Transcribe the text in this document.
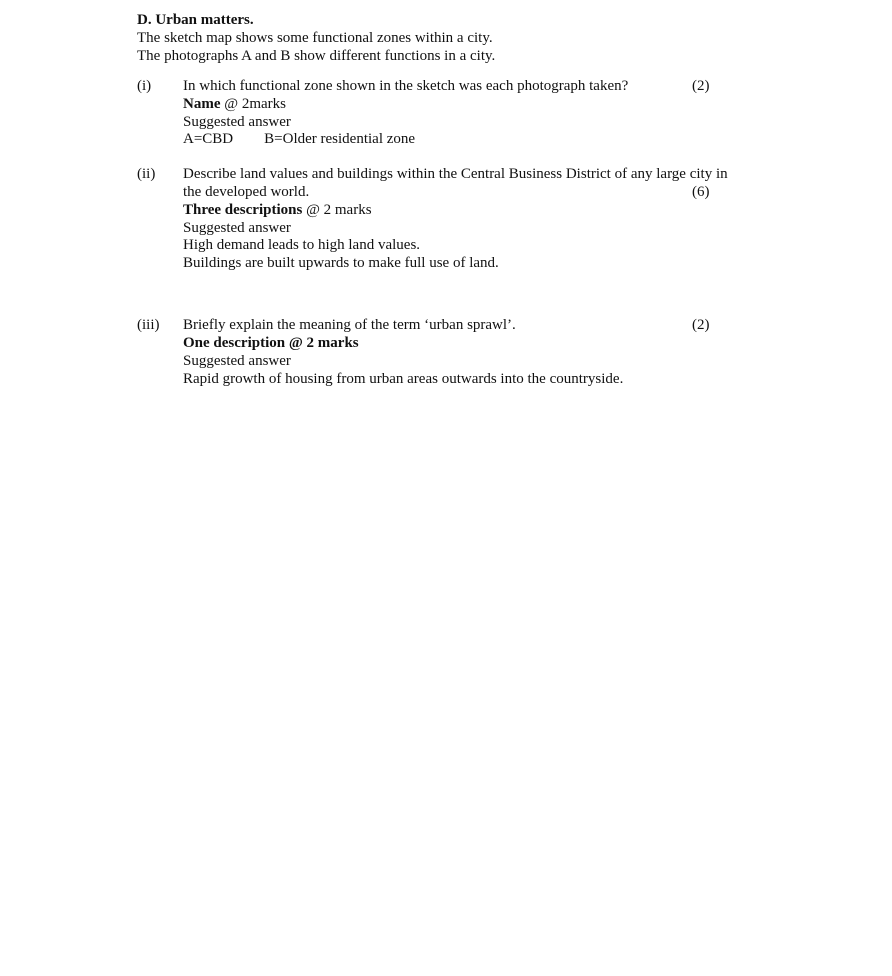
D. Urban matters.
The sketch map shows some functional zones within a city.
The photographs A and B show different functions in a city.
(i) In which functional zone shown in the sketch was each photograph taken?	(2)
Name @ 2marks
Suggested answer
A=CBD B=Older residential zone
(ii) Describe land values and buildings within the Central Business District of any large city in
the developed world.	(6)
Three descriptions @ 2 marks
Suggested answer
High demand leads to high land values.
Buildings are built upwards to make full use of land.
(iii) Briefly explain the meaning of the term ‘urban sprawl’.	(2)
One description @ 2 marks
Suggested answer
Rapid growth of housing from urban areas outwards into the countryside.
